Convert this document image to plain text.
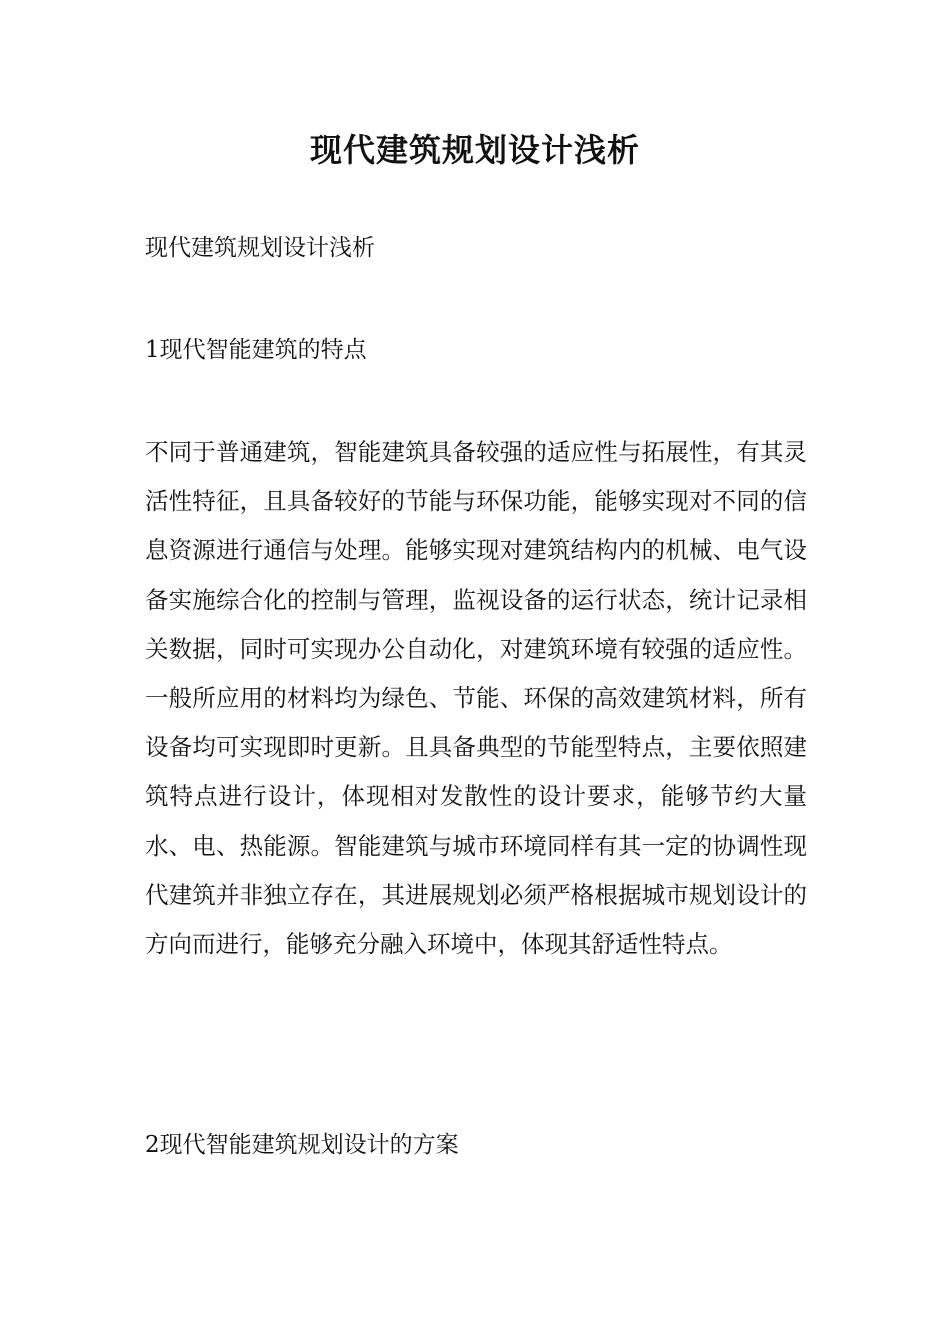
现代建筑规划设计浅析

现代建筑规划设计浅析

1现代智能建筑的特点

不同于普通建筑，智能建筑具备较强的适应性与拓展性，有其灵活性特征，且具备较好的节能与环保功能，能够实现对不同的信息资源进行通信与处理。能够实现对建筑结构内的机械、电气设备实施综合化的控制与管理，监视设备的运行状态，统计记录相关数据，同时可实现办公自动化，对建筑环境有较强的适应性。一般所应用的材料均为绿色、节能、环保的高效建筑材料，所有设备均可实现即时更新。且具备典型的节能型特点，主要依照建筑特点进行设计，体现相对发散性的设计要求，能够节约大量水、电、热能源。智能建筑与城市环境同样有其一定的协调性现代建筑并非独立存在，其进展规划必须严格根据城市规划设计的方向而进行，能够充分融入环境中，体现其舒适性特点。

2现代智能建筑规划设计的方案
